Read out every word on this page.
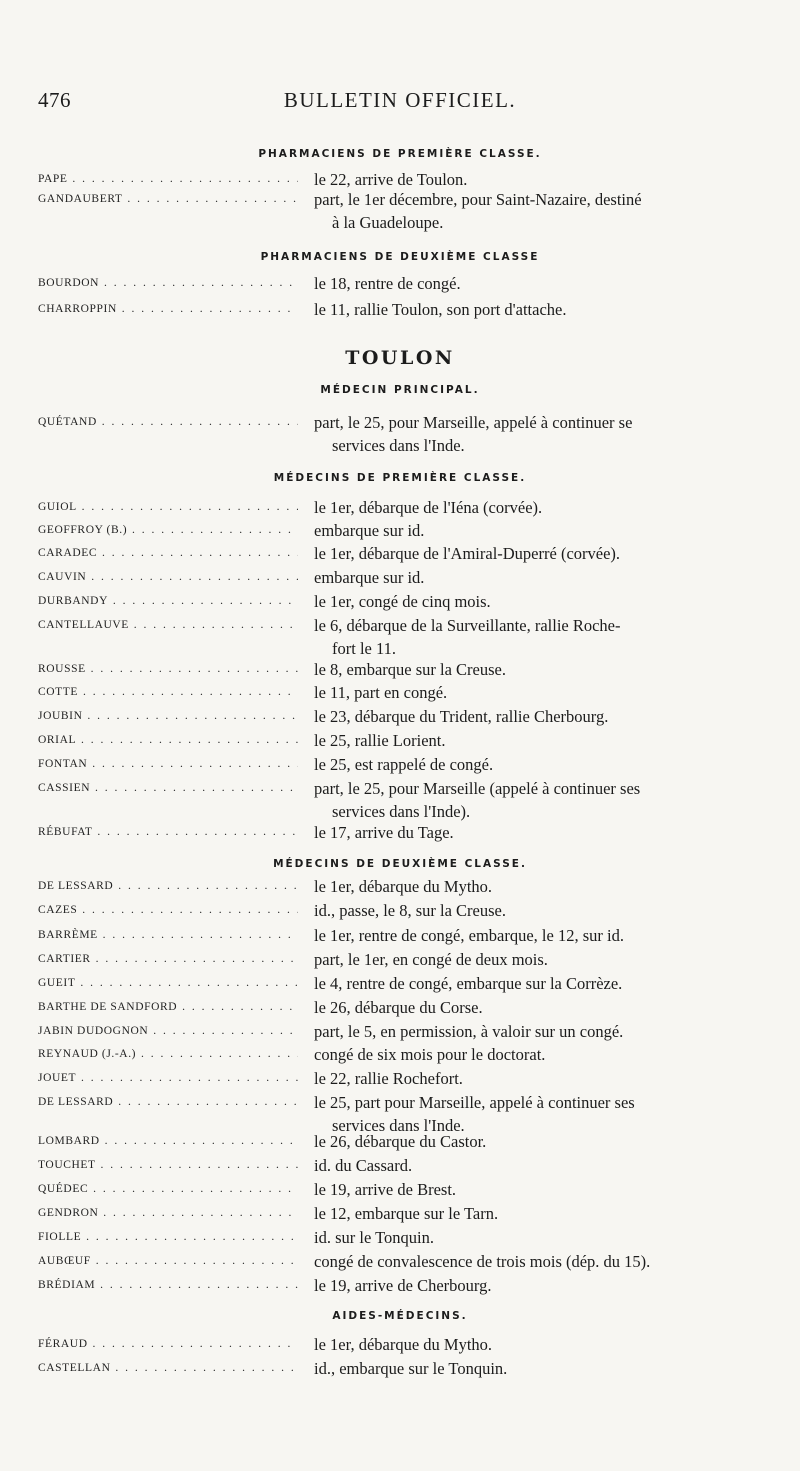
476	BULLETIN OFFICIEL.
PHARMACIENS DE PREMIÈRE CLASSE.
PAPE . . .	le 22, arrive de Toulon.
GANDAUBERT . . .	part, le 1er décembre, pour Saint-Nazaire, destiné
à la Guadeloupe.
PHARMACIENS DE DEUXIÈME CLASSE
BOURDON . . .	le 18, rentre de congé.
CHARROPPIN . . .	le 11, rallie Toulon, son port d'attache.
TOULON
MÉDECIN PRINCIPAL.
QUÉTAND . . .	part, le 25, pour Marseille, appelé à continuer se
services dans l'Inde.
MÉDECINS DE PREMIÈRE CLASSE.
GUIOL . . .	le 1er, débarque de l'Iéna (corvée).
GEOFFROY (B.) . . .	embarque sur id.
CARADEC . . .	le 1er, débarque de l'Amiral-Duperré (corvée).
CAUVIN . . .	embarque sur id.
DURBANDY . . .	le 1er, congé de cinq mois.
CANTELLAUVE . . .	le 6, débarque de la Surveillante, rallie Roche-
fort le 11.
ROUSSE . . .	le 8, embarque sur la Creuse.
COTTE . . .	le 11, part en congé.
JOUBIN . . .	le 23, débarque du Trident, rallie Cherbourg.
ORIAL . . .	le 25, rallie Lorient.
FONTAN . . .	le 25, est rappelé de congé.
CASSIEN . . .	part, le 25, pour Marseille (appelé à continuer ses
services dans l'Inde).
RÉBUFAT . . .	le 17, arrive du Tage.
MÉDECINS DE DEUXIÈME CLASSE.
DE LESSARD . . .	le 1er, débarque du Mytho.
CAZES . . .	id., passe, le 8, sur la Creuse.
BARRÈME . . .	le 1er, rentre de congé, embarque, le 12, sur id.
CARTIER . . .	part, le 1er, en congé de deux mois.
GUEIT . . .	le 4, rentre de congé, embarque sur la Corrèze.
BARTHE DE SANDFORD . . .	le 26, débarque du Corse.
JABIN DUDOGNON . . .	part, le 5, en permission, à valoir sur un congé.
REYNAUD (J.-A.) . . .	congé de six mois pour le doctorat.
JOUET . . .	le 22, rallie Rochefort.
DE LESSARD . . .	le 25, part pour Marseille, appelé à continuer ses
services dans l'Inde.
LOMBARD . . .	le 26, débarque du Castor.
TOUCHET . . .	id. du Cassard.
QUÉDEC . . .	le 19, arrive de Brest.
GENDRON . . .	le 12, embarque sur le Tarn.
FIOLLE . . .	id. sur le Tonquin.
AUBŒUF . . .	congé de convalescence de trois mois (dép. du 15).
BRÉDIAM . . .	le 19, arrive de Cherbourg.
AIDES-MÉDECINS.
FÉRAUD . . .	le 1er, débarque du Mytho.
CASTELLAN . . .	id., embarque sur le Tonquin.
